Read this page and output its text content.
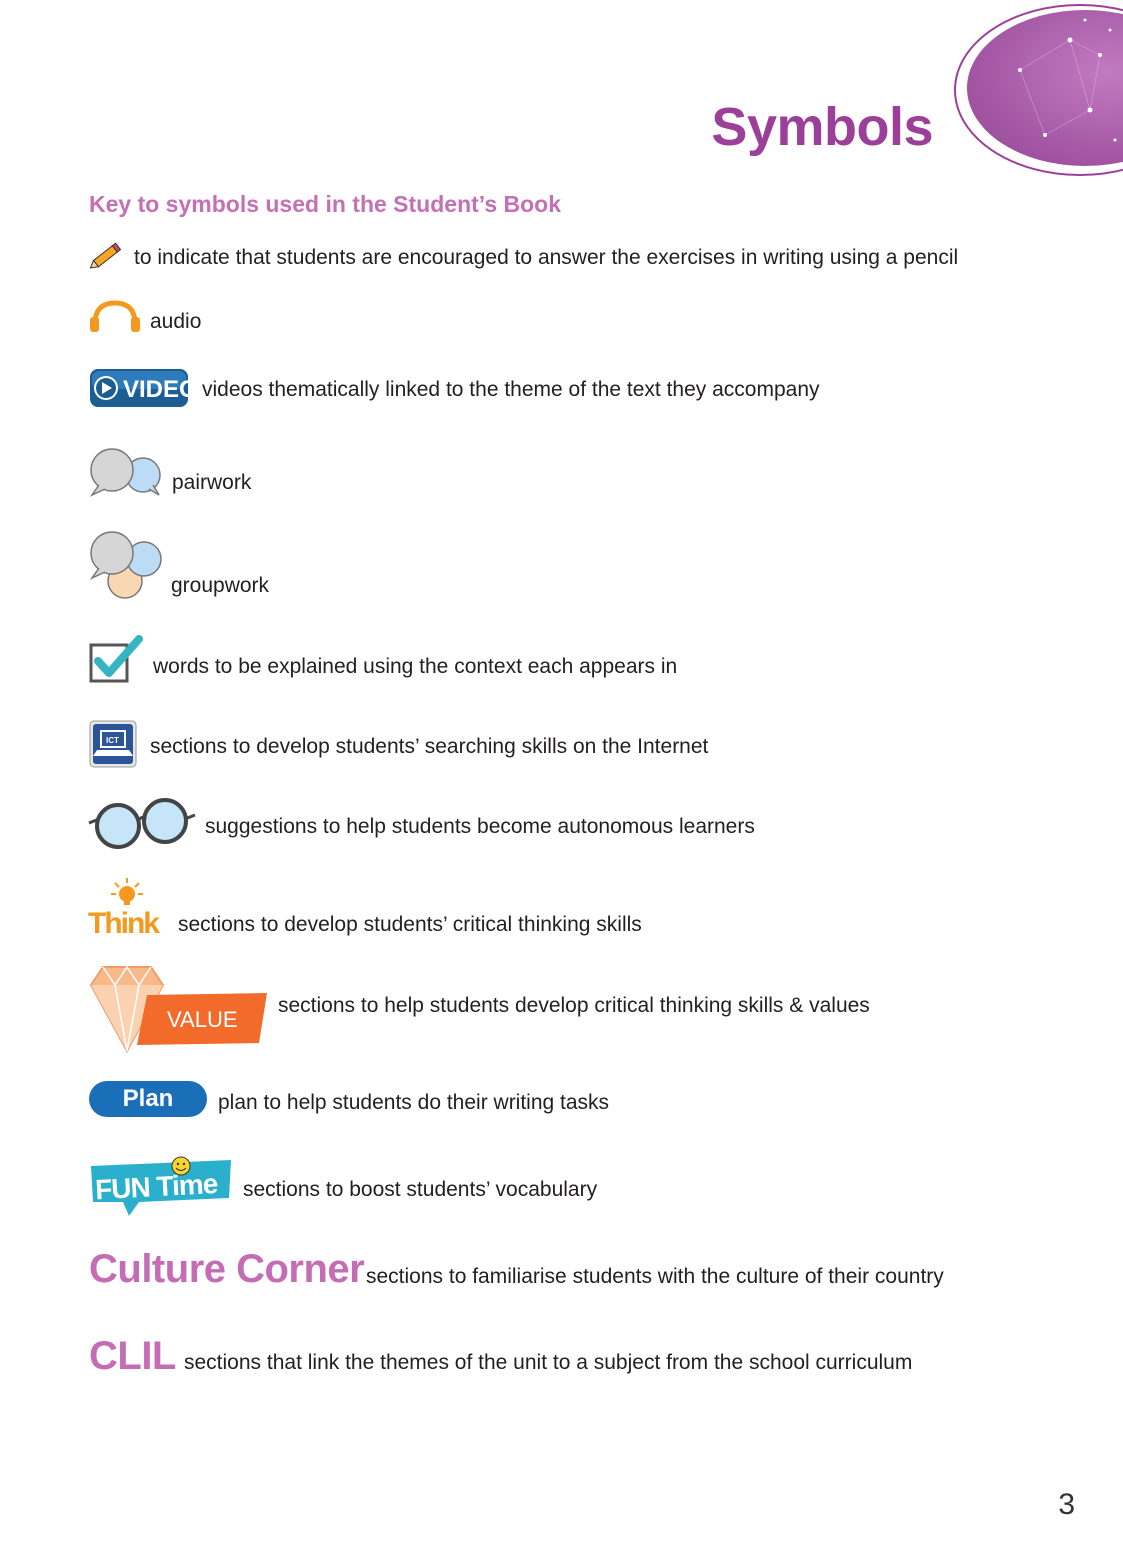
Symbols
Key to symbols used in the Student’s Book
to indicate that students are encouraged to answer the exercises in writing using a pencil
audio
VIDEO videos thematically linked to the theme of the text they accompany
pairwork
groupwork
words to be explained using the context each appears in
ICT sections to develop students’ searching skills on the Internet
suggestions to help students become autonomous learners
Think sections to develop students’ critical thinking skills
VALUE
sections to help students develop critical thinking skills & values
Plan	plan to help students do their writing tasks
FUN Time sections to boost students’ vocabulary
Culture Corner sections to familiarise students with the culture of their country
CLIL sections that link the themes of the unit to a subject from the school curriculum
3
